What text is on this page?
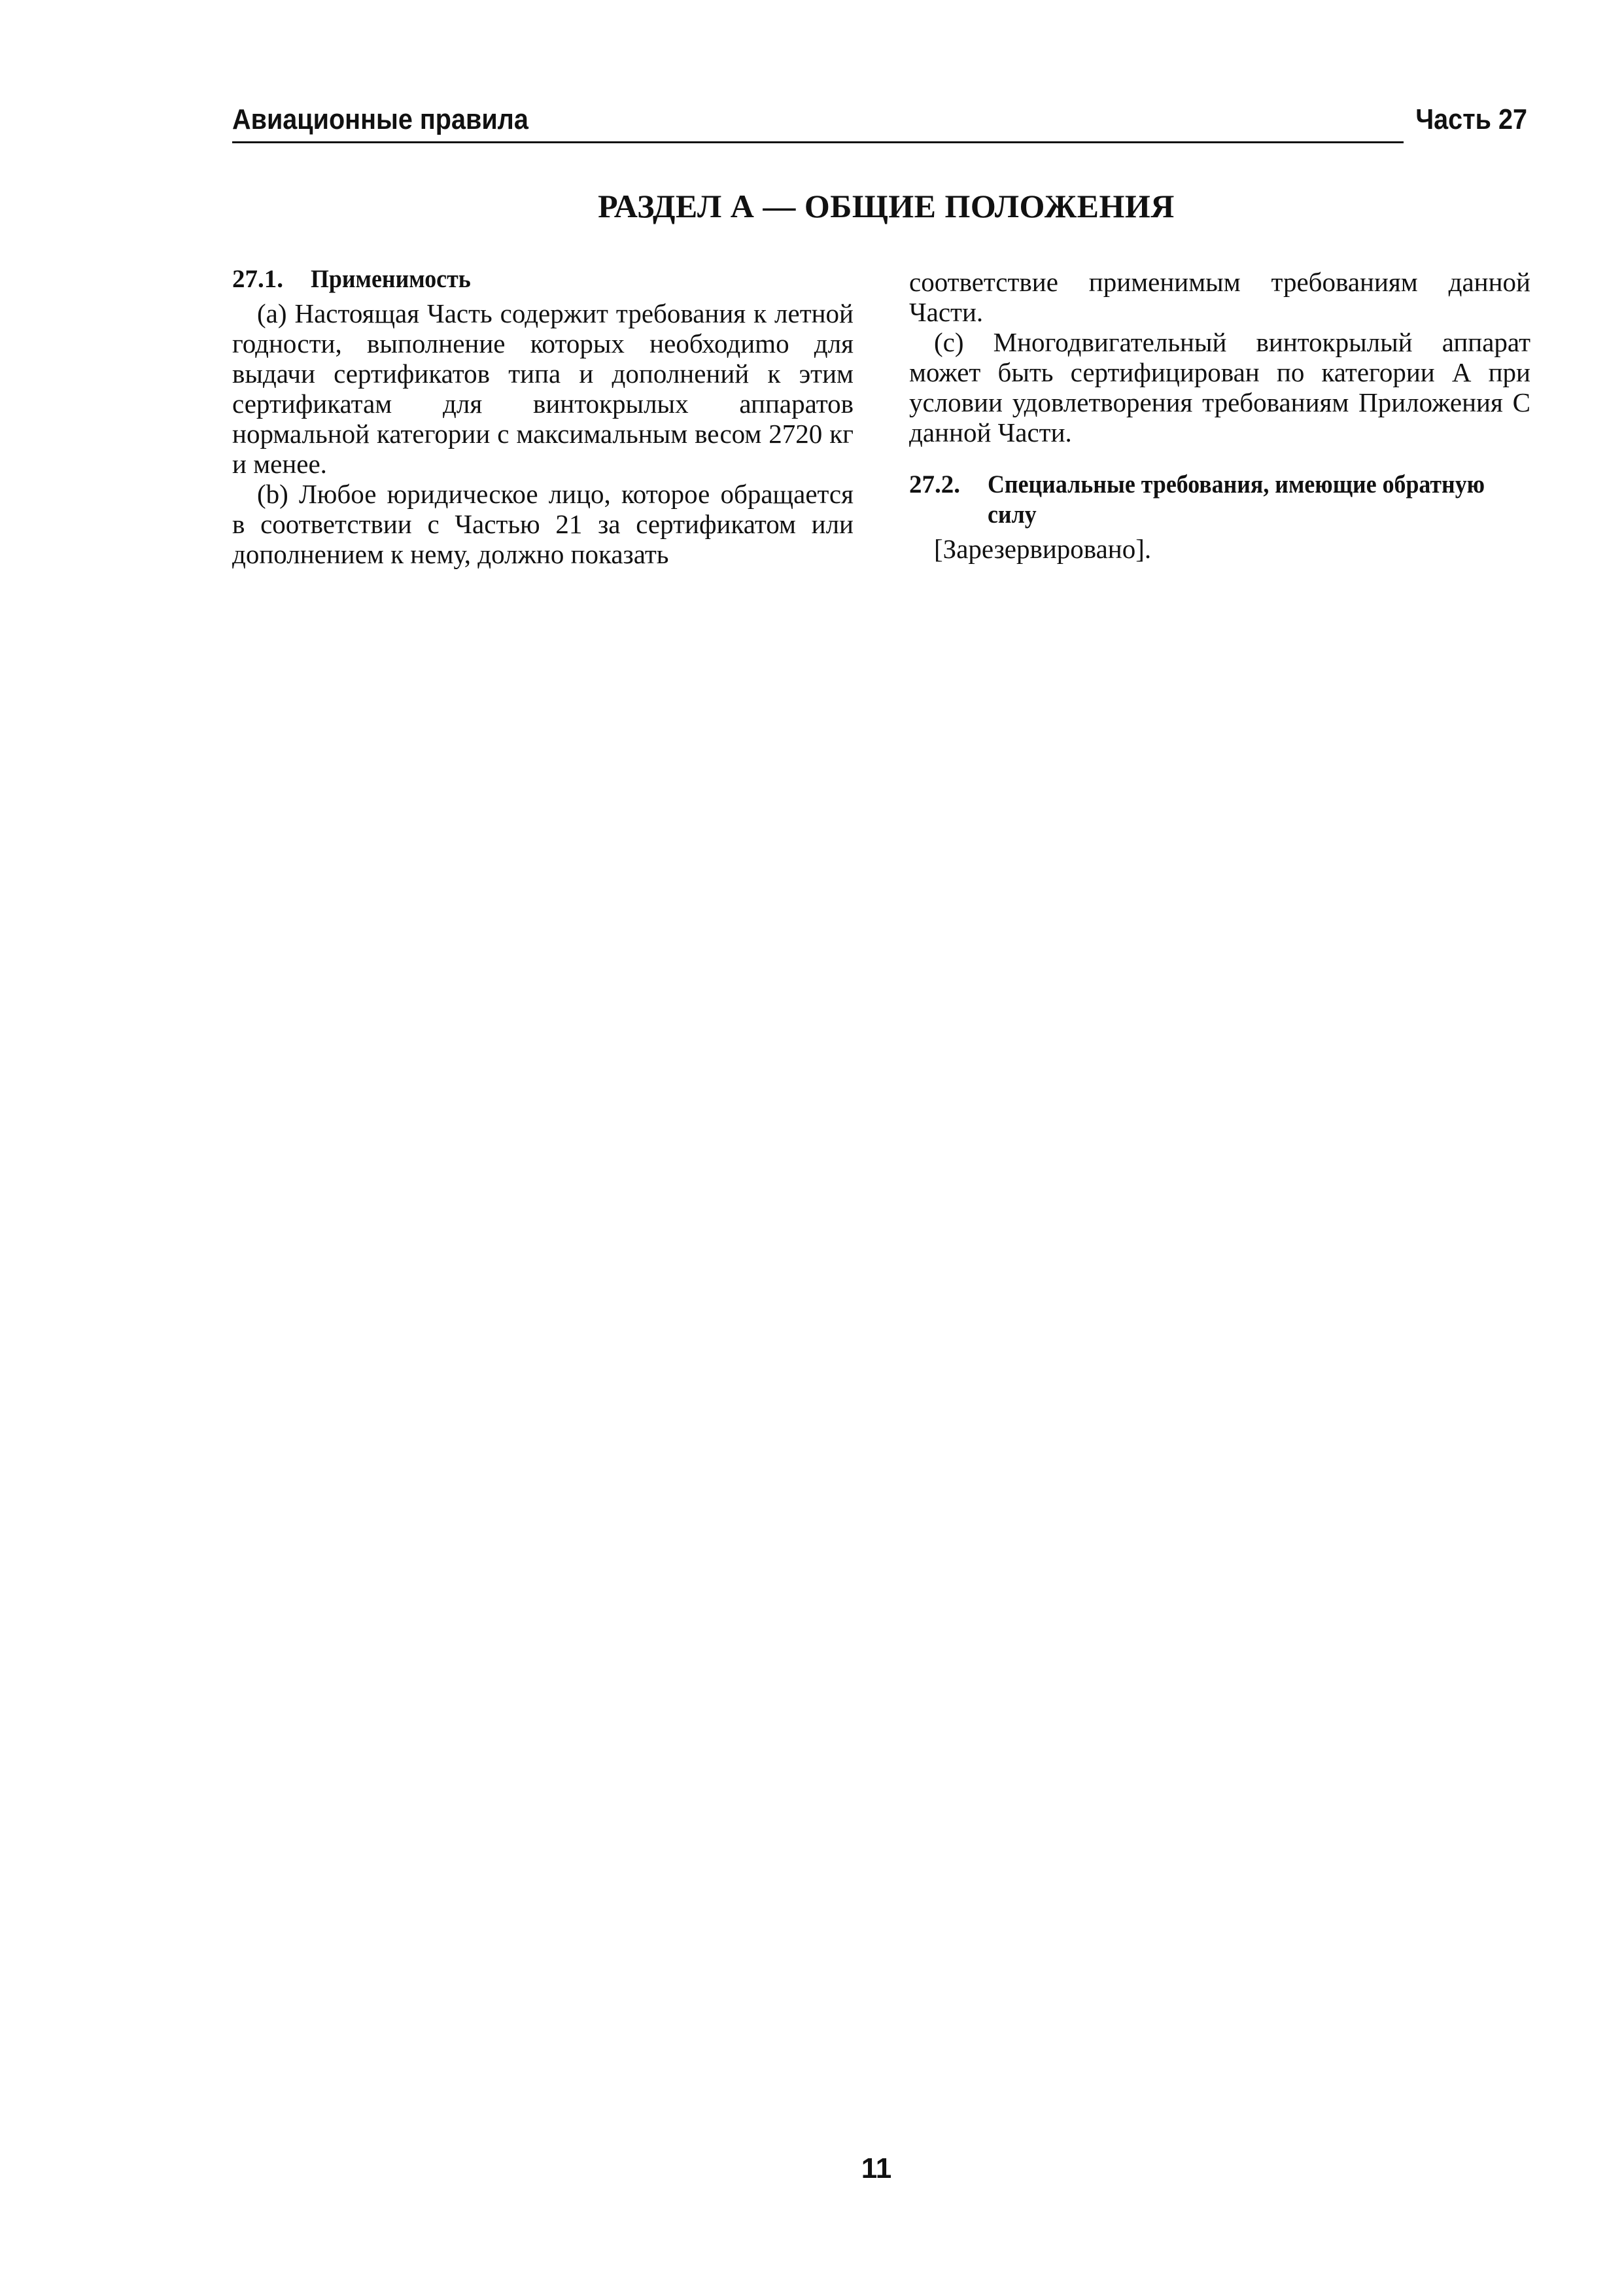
Авиационные правила	Часть 27
РАЗДЕЛ А — ОБЩИЕ ПОЛОЖЕНИЯ
27.1.	Применимость

(a) Настоящая Часть содержит требования к летной годности, выполнение которых необходиmo для выдачи сертификатов типа и дополнений к этим сертификатам для винтокрылых аппаратов нормальной категории с максимальным весом 2720 кг и менее.

(b) Любое юридическое лицо, которое обращается в соответствии с Частью 21 за сертификатом или дополнением к нему, должно показать

соответствие применимым требованиям данной Части.

(c) Многодвигательный винтокрылый аппарат может быть сертифицирован по категории А при условии удовлетворения требованиям Приложения С данной Части.

27.2.	Специальные требования, имеющие обратную силу

[Зарезервировано].

11
